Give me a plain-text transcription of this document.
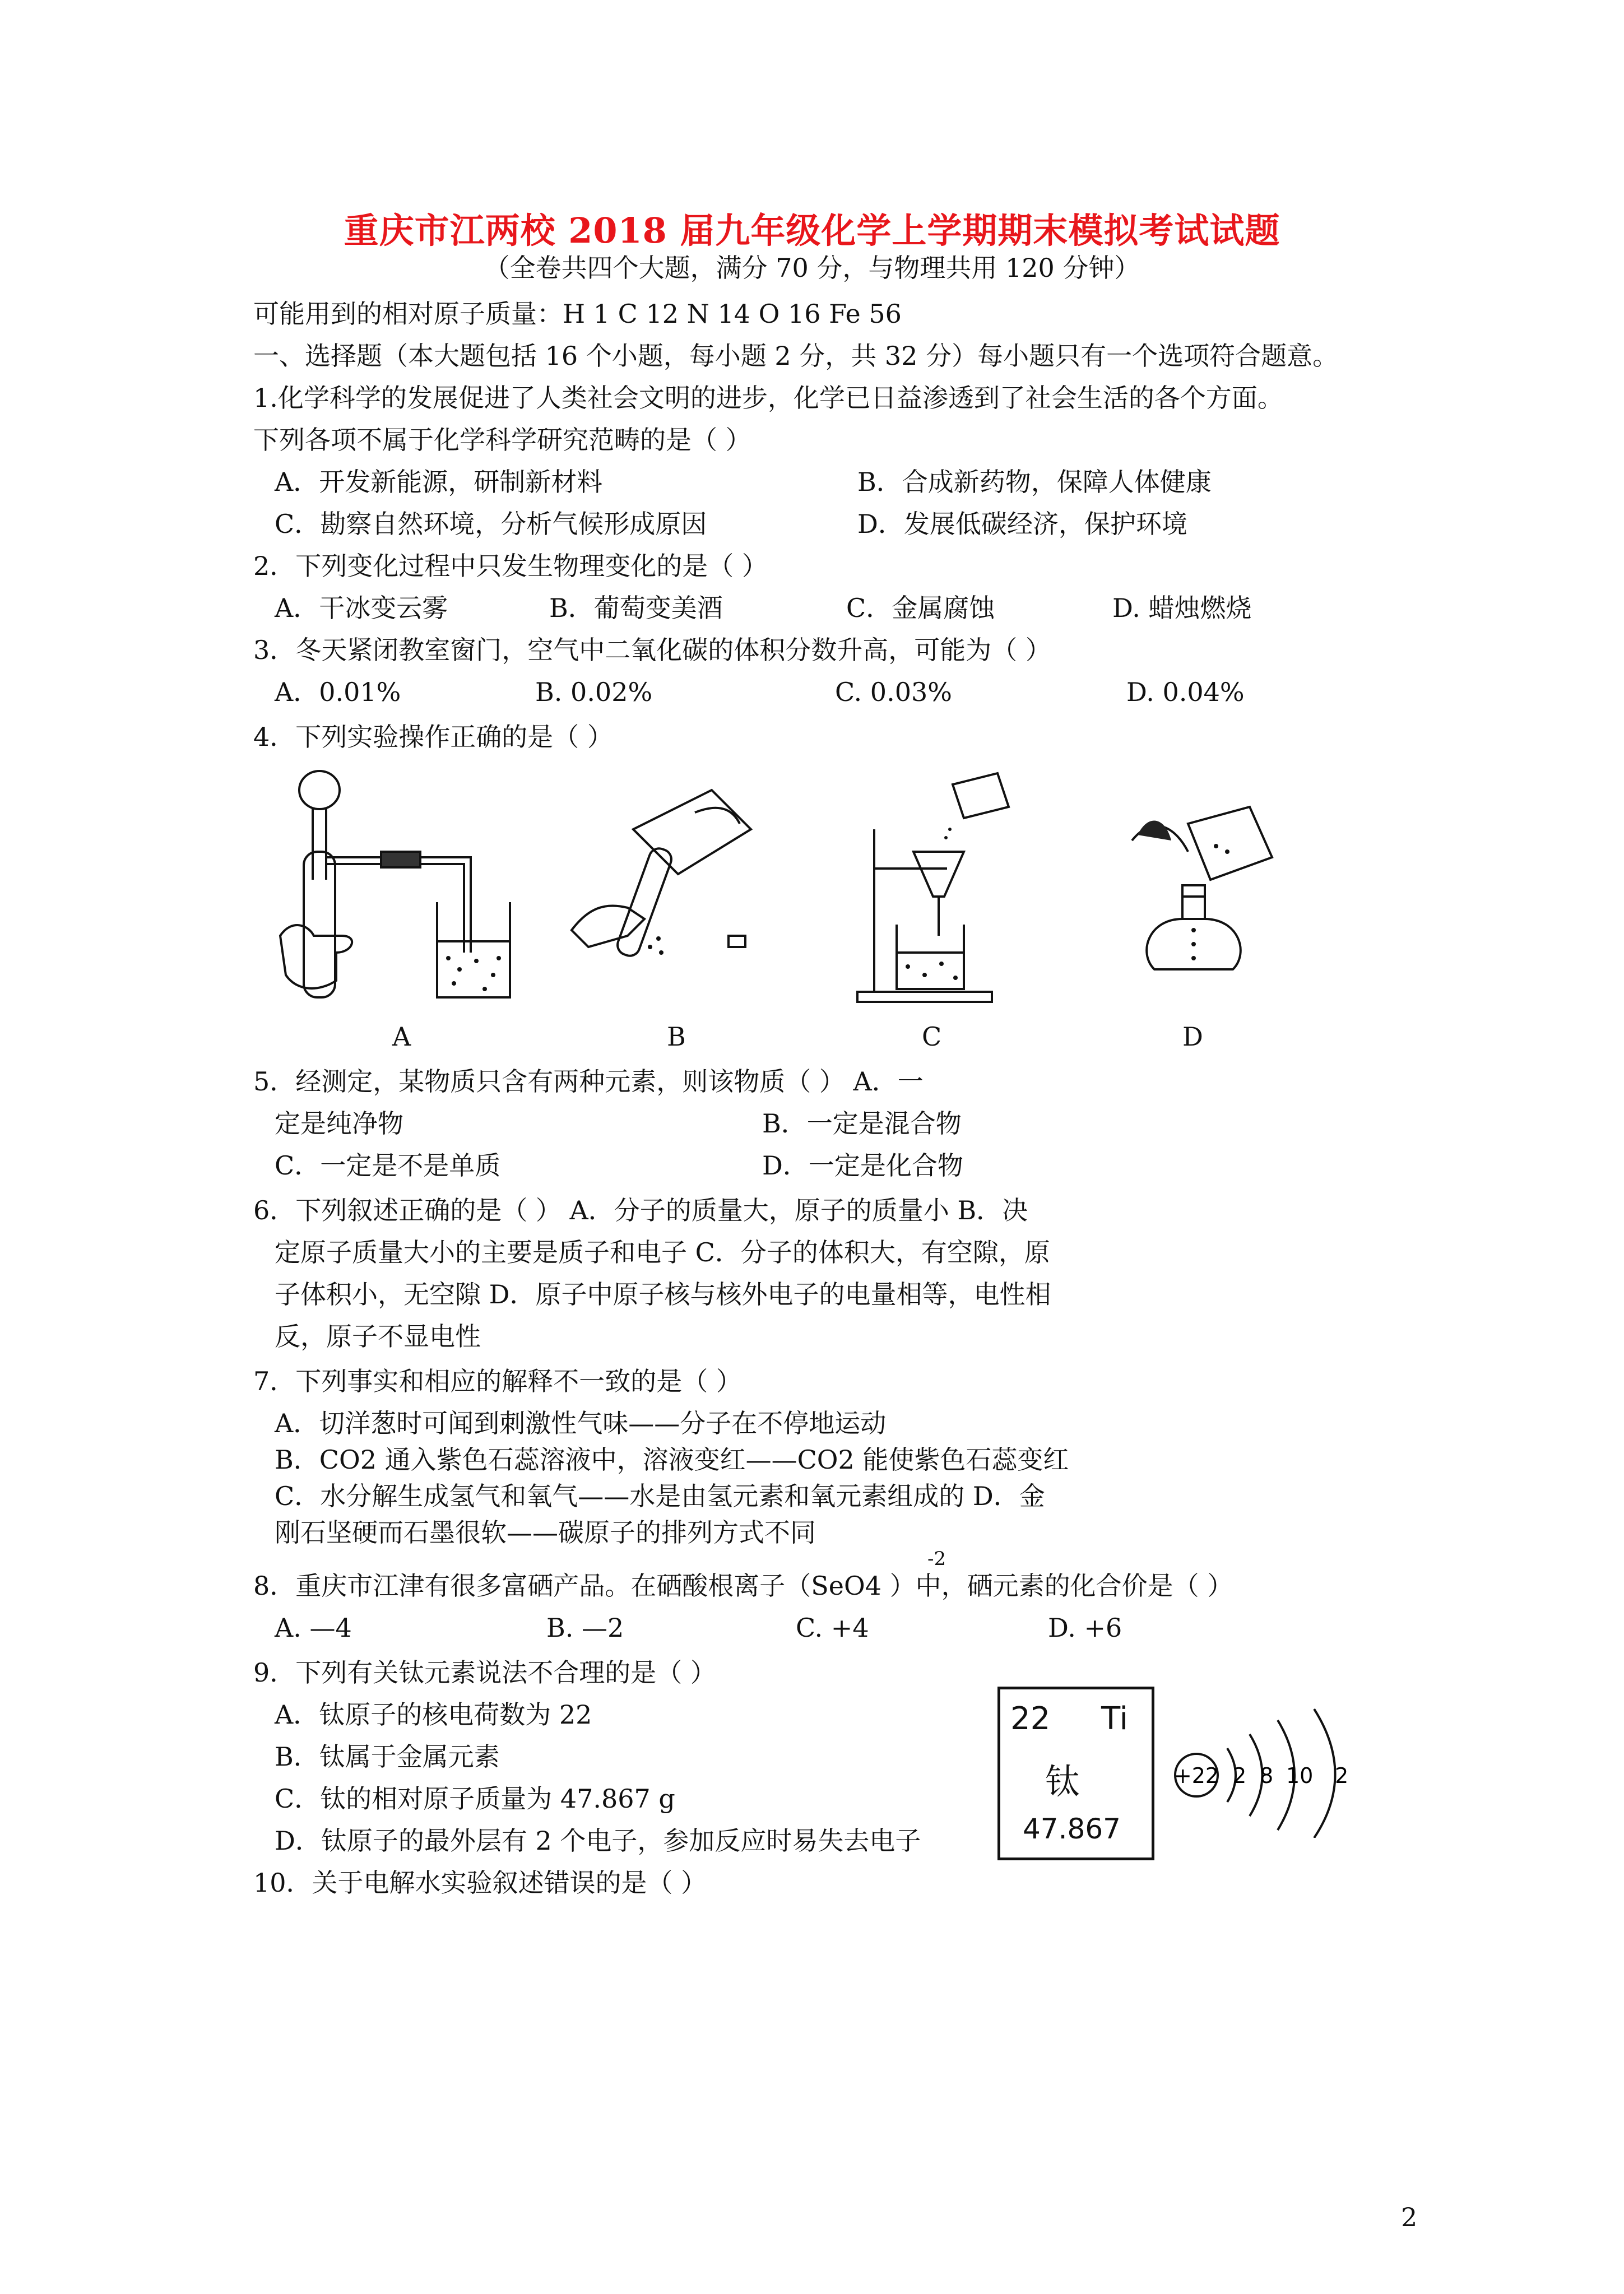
重庆市江两校 2018 届九年级化学上学期期末模拟考试试题
（全卷共四个大题，满分 70 分，与物理共用 120 分钟）
可能用到的相对原子质量：H 1 C 12 N 14 O 16 Fe 56
一、选择题（本大题包括 16 个小题，每小题 2 分，共 32 分）每小题只有一个选项符合题意。
1.化学科学的发展促进了人类社会文明的进步，化学已日益渗透到了社会生活的各个方面。
下列各项不属于化学科学研究范畴的是（ ）
A．开发新能源，研制新材料	B．合成新药物，保障人体健康
C．勘察自然环境，分析气候形成原因	D．发展低碳经济，保护环境
2．下列变化过程中只发生物理变化的是（ ）
A．干冰变云雾	B．葡萄变美酒	C．金属腐蚀	D. 蜡烛燃烧
3．冬天紧闭教室窗门，空气中二氧化碳的体积分数升高，可能为（ ）
A．0.01%	B. 0.02%	C. 0.03%	D. 0.04%
4．下列实验操作正确的是（ ）
A	B	C	D
5．经测定，某物质只含有两种元素，则该物质（ ） A．一
定是纯净物	B．一定是混合物
C．一定是不是单质	D．一定是化合物
6．下列叙述正确的是（ ） A．分子的质量大，原子的质量小 B．决
定原子质量大小的主要是质子和电子 C．分子的体积大，有空隙，原
子体积小，无空隙 D．原子中原子核与核外电子的电量相等，电性相
反，原子不显电性
7．下列事实和相应的解释不一致的是（ ）
A．切洋葱时可闻到刺激性气味——分子在不停地运动
B．CO2 通入紫色石蕊溶液中，溶液变红——CO2 能使紫色石蕊变红
C．水分解生成氢气和氧气——水是由氢元素和氧元素组成的 D．金
刚石坚硬而石墨很软——碳原子的排列方式不同
-2
8．重庆市江津有很多富硒产品。在硒酸根离子（SeO4 ）中，硒元素的化合价是（ ）
A. —4	B. —2	C. +4	D. +6
9．下列有关钛元素说法不合理的是（ ）
A．钛原子的核电荷数为 22
B．钛属于金属元素
C．钛的相对原子质量为 47.867 g
D．钛原子的最外层有 2 个电子，参加反应时易失去电子
22 Ti
钛
47.867
+22 2 8 10 2
10．关于电解水实验叙述错误的是（ ）
2
